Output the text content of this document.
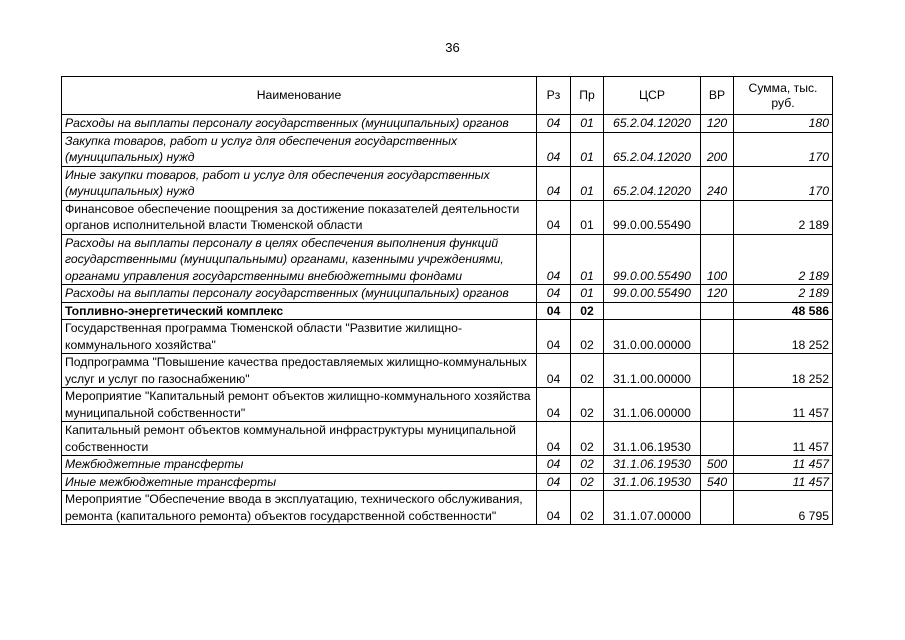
36
Наименование	Рз	Пр	ЦСР	ВР	Сумма, тыс. руб.
Расходы на выплаты персоналу государственных (муниципальных) органов	04	01	65.2.04.12020	120	180
Закупка товаров, работ и услуг для обеспечения государственных (муниципальных) нужд	04	01	65.2.04.12020	200	170
Иные закупки товаров, работ и услуг для обеспечения государственных (муниципальных) нужд	04	01	65.2.04.12020	240	170
Финансовое обеспечение поощрения за достижение показателей деятельности органов исполнительной власти Тюменской области	04	01	99.0.00.55490		2 189
Расходы на выплаты персоналу в целях обеспечения выполнения функций государственными (муниципальными) органами, казенными учреждениями, органами управления государственными внебюджетными фондами	04	01	99.0.00.55490	100	2 189
Расходы на выплаты персоналу государственных (муниципальных) органов	04	01	99.0.00.55490	120	2 189
Топливно-энергетический комплекс	04	02			48 586
Государственная программа Тюменской области "Развитие жилищно-коммунального хозяйства"	04	02	31.0.00.00000		18 252
Подпрограмма "Повышение качества предоставляемых жилищно-коммунальных услуг и услуг по газоснабжению"	04	02	31.1.00.00000		18 252
Мероприятие "Капитальный ремонт объектов жилищно-коммунального хозяйства муниципальной собственности"	04	02	31.1.06.00000		11 457
Капитальный ремонт объектов коммунальной инфраструктуры муниципальной собственности	04	02	31.1.06.19530		11 457
Межбюджетные трансферты	04	02	31.1.06.19530	500	11 457
Иные межбюджетные трансферты	04	02	31.1.06.19530	540	11 457
Мероприятие "Обеспечение ввода в эксплуатацию, технического обслуживания, ремонта (капитального ремонта) объектов государственной собственности"	04	02	31.1.07.00000		6 795
